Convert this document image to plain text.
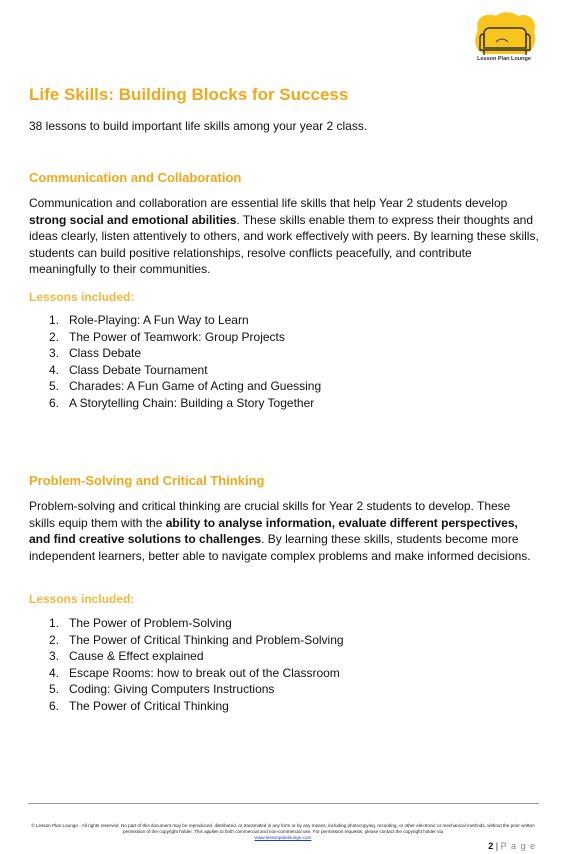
Lesson Plan Lounge
Life Skills: Building Blocks for Success

38 lessons to build important life skills among your year 2 class.

Communication and Collaboration

Communication and collaboration are essential life skills that help Year 2 students develop strong social and emotional abilities. These skills enable them to express their thoughts and ideas clearly, listen attentively to others, and work effectively with peers. By learning these skills, students can build positive relationships, resolve conflicts peacefully, and contribute meaningfully to their communities.

Lessons included:

1. Role-Playing: A Fun Way to Learn
2. The Power of Teamwork: Group Projects
3. Class Debate
4. Class Debate Tournament
5. Charades: A Fun Game of Acting and Guessing
6. A Storytelling Chain: Building a Story Together
Problem-Solving and Critical Thinking

Problem-solving and critical thinking are crucial skills for Year 2 students to develop. These skills equip them with the ability to analyse information, evaluate different perspectives, and find creative solutions to challenges. By learning these skills, students become more independent learners, better able to navigate complex problems and make informed decisions.

Lessons included:

1. The Power of Problem-Solving
2. The Power of Critical Thinking and Problem-Solving
3. Cause & Effect explained
4. Escape Rooms: how to break out of the Classroom
5. Coding: Giving Computers Instructions
6. The Power of Critical Thinking
© Lesson Plan Lounge - All rights reserved. No part of this document may be reproduced, distributed, or transmitted in any form or by any means, including photocopying, recording, or other electronic or mechanical methods, without the prior written permission of the copyright holder. This applies to both commercial and non-commercial use. For permission requests, please contact the copyright holder via
www.lessonplanlounge.com
2 | P a g e
